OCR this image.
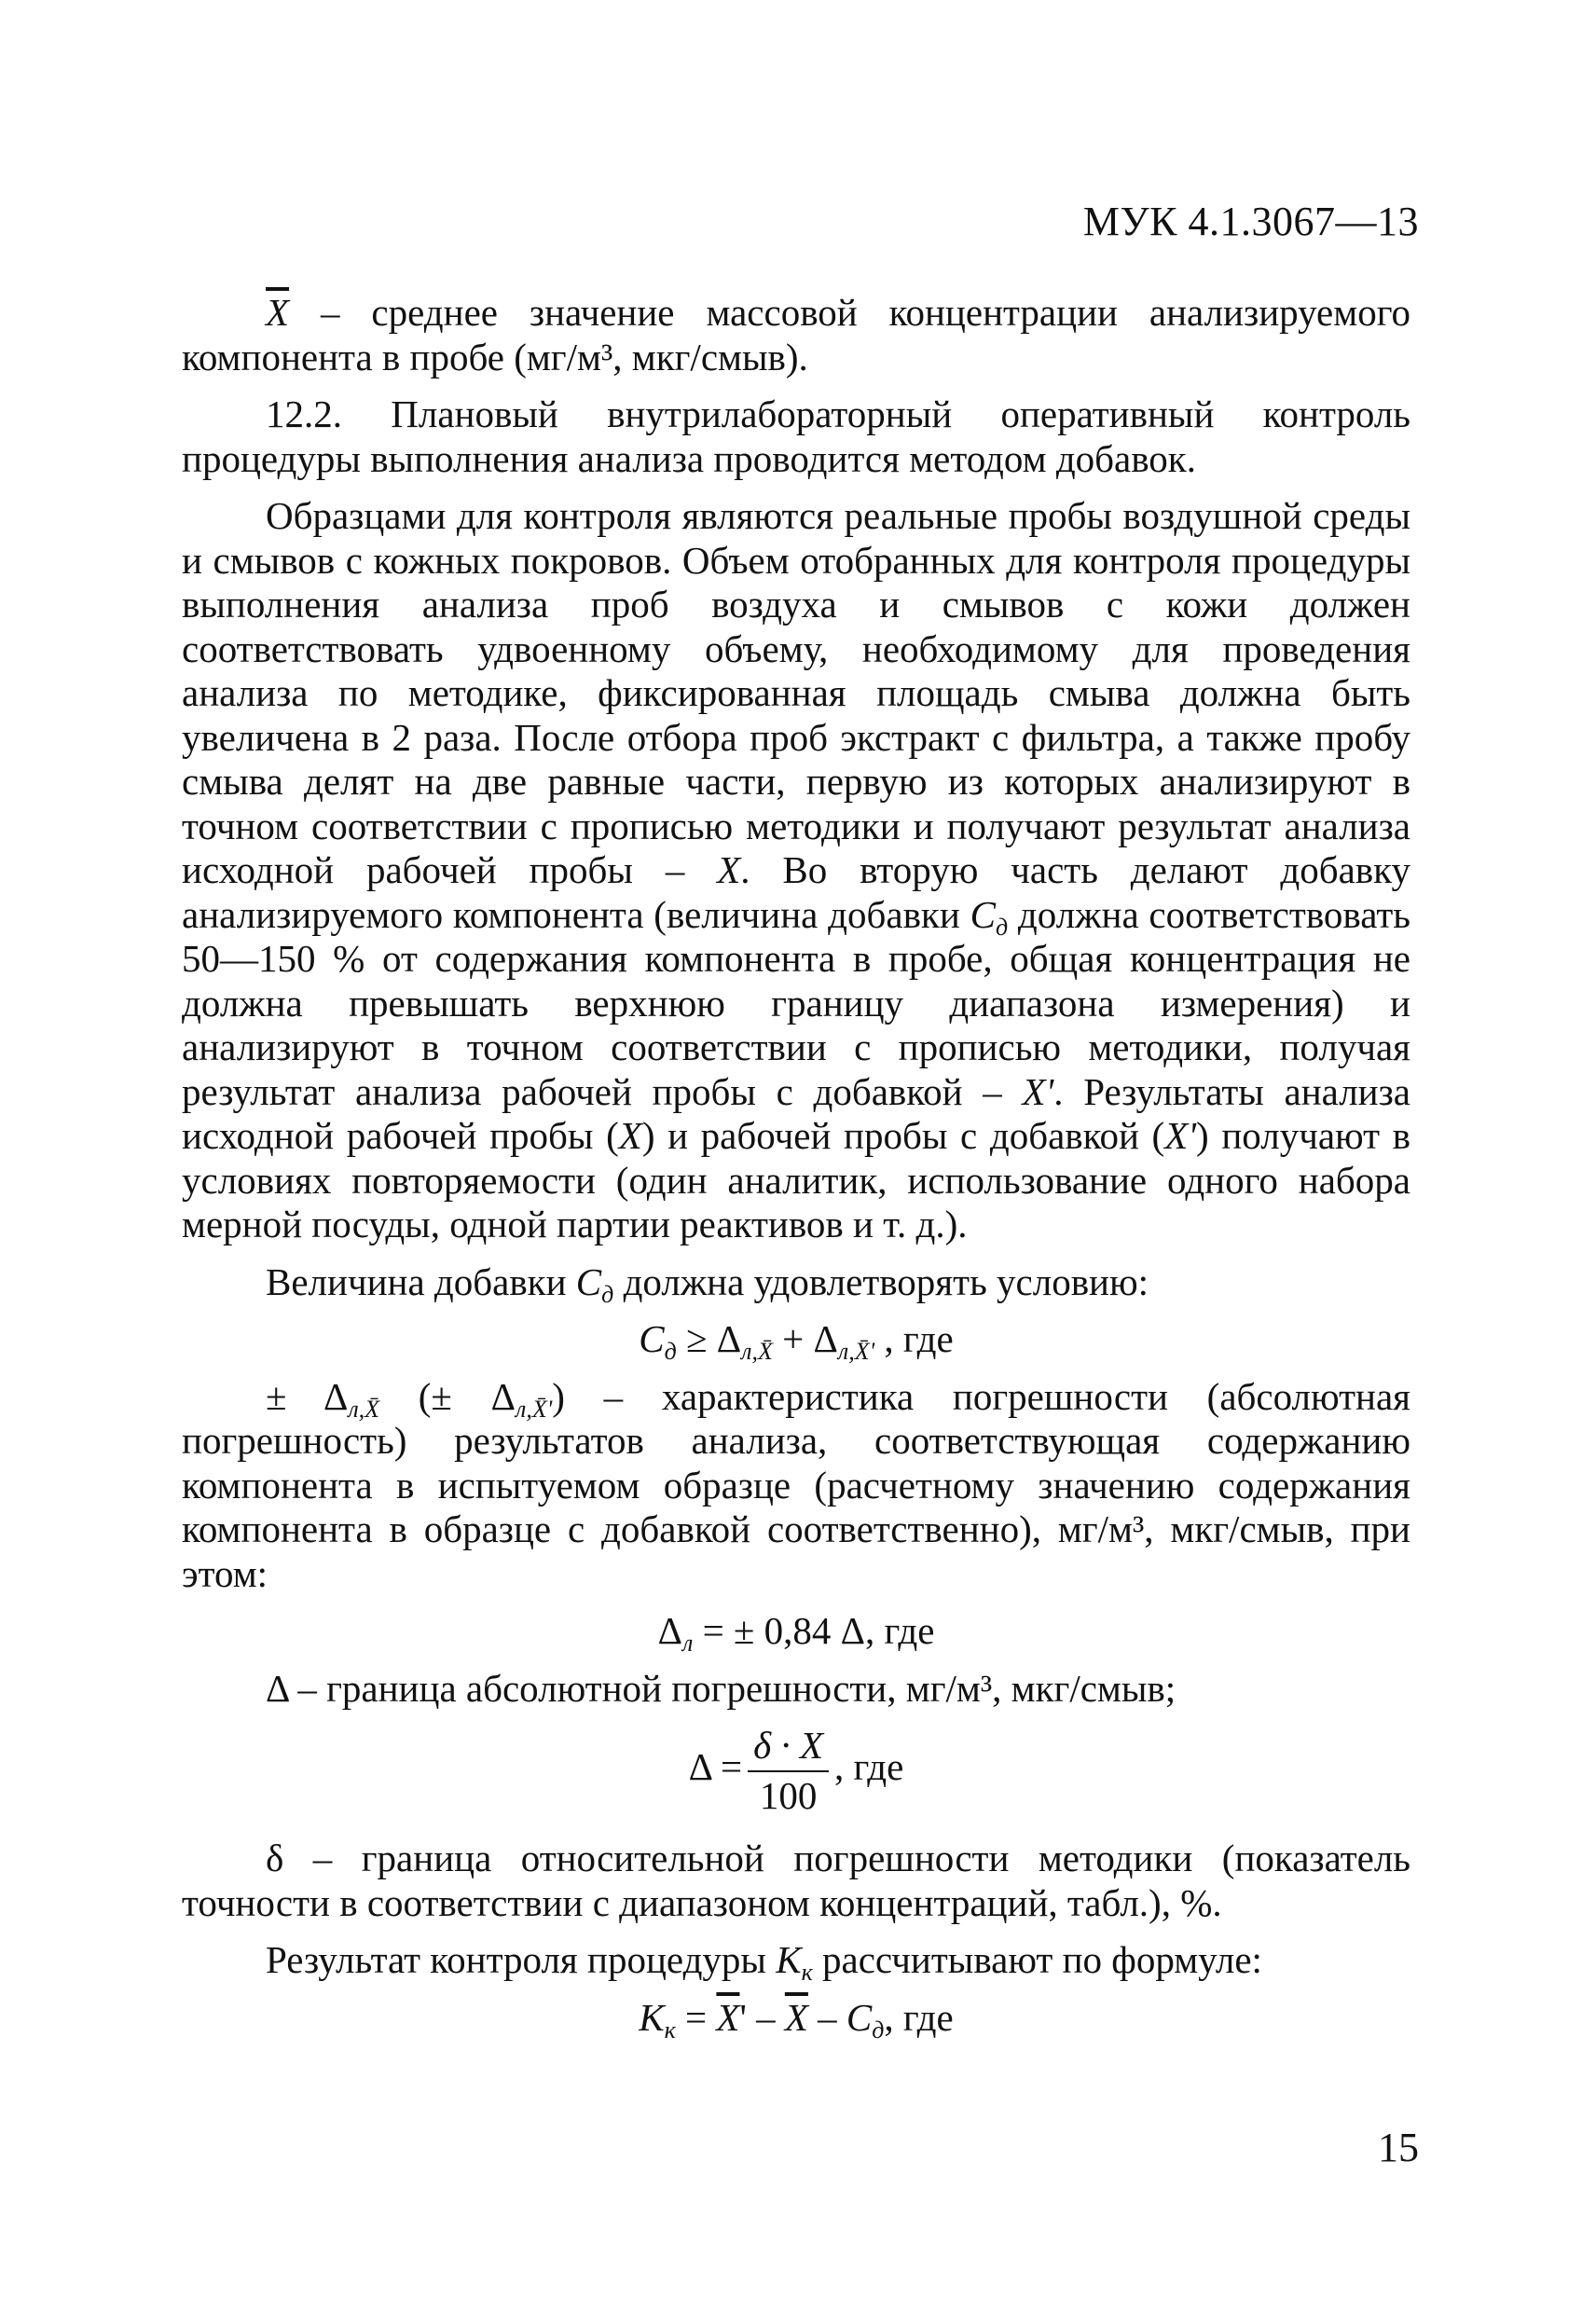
МУК 4.1.3067—13

$\overline{X}$ – среднее значение массовой концентрации анализируемого компонента в пробе (мг/м³, мкг/смыв).

12.2. Плановый внутрилабораторный оперативный контроль процедуры выполнения анализа проводится методом добавок.

Образцами для контроля являются реальные пробы воздушной среды и смывов с кожных покровов. Объем отобранных для контроля процедуры выполнения анализа проб воздуха и смывов с кожи должен соответствовать удвоенному объему, необходимому для проведения анализа по методике, фиксированная площадь смыва должна быть увеличена в 2 раза. После отбора проб экстракт с фильтра, а также пробу смыва делят на две равные части, первую из которых анализируют в точном соответствии с прописью методики и получают результат анализа исходной рабочей пробы – X. Во вторую часть делают добавку анализируемого компонента (величина добавки $C_д$ должна соответствовать 50—150 % от содержания компонента в пробе, общая концентрация не должна превышать верхнюю границу диапазона измерения) и анализируют в точном соответствии с прописью методики, получая результат анализа рабочей пробы с добавкой – X'. Результаты анализа исходной рабочей пробы (X) и рабочей пробы с добавкой (X') получают в условиях повторяемости (один аналитик, использование одного набора мерной посуды, одной партии реактивов и т. д.).

Величина добавки $C_д$ должна удовлетворять условию:

$C_д \ge \Delta_{л,X̄} + \Delta_{л,X̄'}$ , где

± $\Delta_{л,X̄}$ (± $\Delta_{л,X̄'}$) – характеристика погрешности (абсолютная погрешность) результатов анализа, соответствующая содержанию компонента в испытуемом образце (расчетному значению содержания компонента в образце с добавкой соответственно), мг/м³, мкг/смыв, при этом:

$\Delta_л$ = ± 0,84 Δ, где

Δ – граница абсолютной погрешности, мг/м³, мкг/смыв;

$\Delta = \frac{\delta \cdot X}{100}$ , где

δ – граница относительной погрешности методики (показатель точности в соответствии с диапазоном концентраций, табл.), %.

Результат контроля процедуры $K_к$ рассчитывают по формуле:

$K_к = \overline{X}' - \overline{X} - C_д$, где
15
